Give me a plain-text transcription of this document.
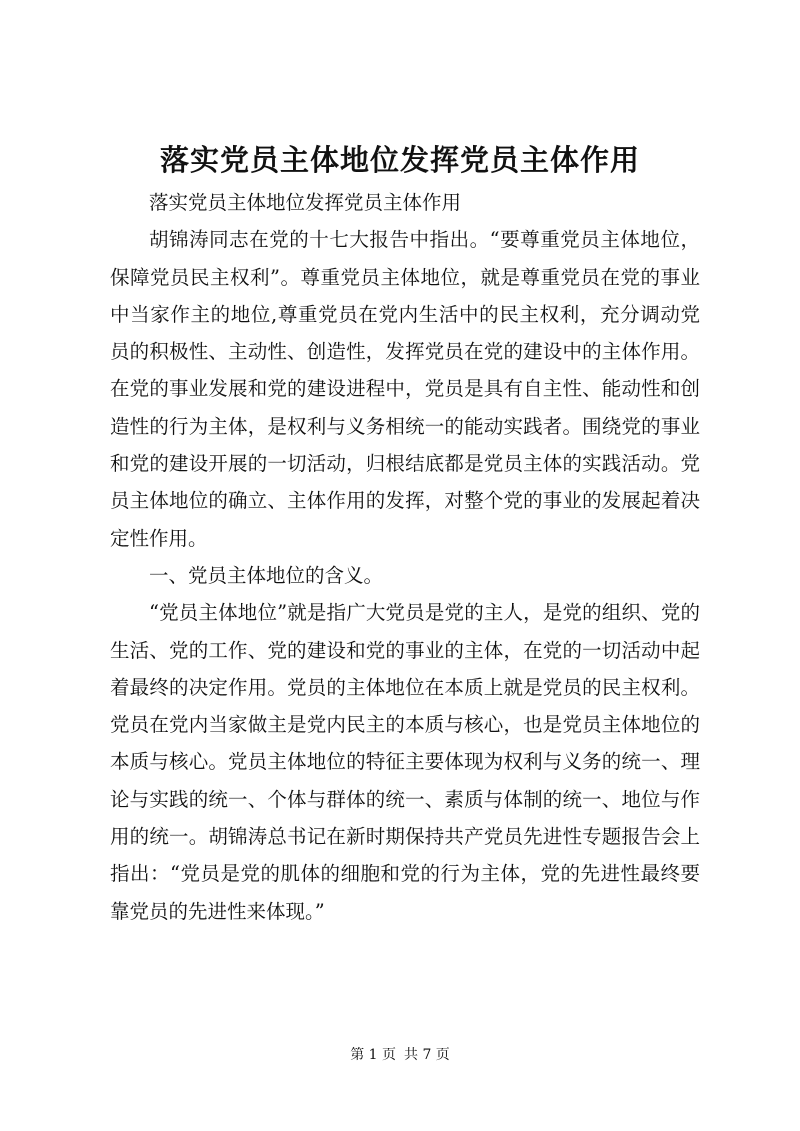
落实党员主体地位发挥党员主体作用

落实党员主体地位发挥党员主体作用

胡锦涛同志在党的十七大报告中指出。“要尊重党员主体地位，保障党员民主权利”。尊重党员主体地位，就是尊重党员在党的事业中当家作主的地位,尊重党员在党内生活中的民主权利，充分调动党员的积极性、主动性、创造性，发挥党员在党的建设中的主体作用。在党的事业发展和党的建设进程中，党员是具有自主性、能动性和创造性的行为主体，是权利与义务相统一的能动实践者。围绕党的事业和党的建设开展的一切活动，归根结底都是党员主体的实践活动。党员主体地位的确立、主体作用的发挥，对整个党的事业的发展起着决定性作用。

一、党员主体地位的含义。

“党员主体地位”就是指广大党员是党的主人，是党的组织、党的生活、党的工作、党的建设和党的事业的主体，在党的一切活动中起着最终的决定作用。党员的主体地位在本质上就是党员的民主权利。党员在党内当家做主是党内民主的本质与核心，也是党员主体地位的本质与核心。党员主体地位的特征主要体现为权利与义务的统一、理论与实践的统一、个体与群体的统一、素质与体制的统一、地位与作用的统一。胡锦涛总书记在新时期保持共产党员先进性专题报告会上指出：“党员是党的肌体的细胞和党的行为主体，党的先进性最终要靠党员的先进性来体现。”

第 1 页 共 7 页
